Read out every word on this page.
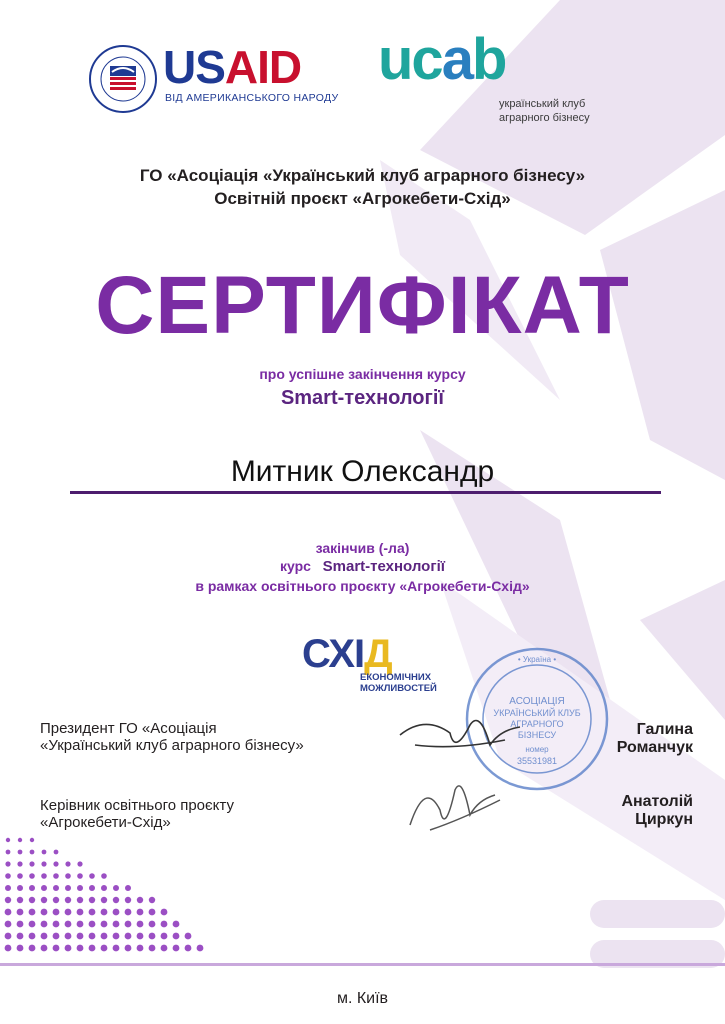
USAID
ВІД АМЕРИКАНСЬКОГО НАРОДУ
ucab
український клуб
аграрного бізнесу
ГО «Асоціація «Український клуб аграрного бізнесу»
Освітній проєкт «Агрокебети-Схід»
СЕРТИФІКАТ
про успішне закінчення курсу
Smart-технології
Митник Олександр
закінчив (-ла)
курс Smart-технології
в рамках освітнього проєкту «Агрокебети-Схід»
СХІД
ЕКОНОМІЧНИХ
МОЖЛИВОСТЕЙ
АСОЦІАЦІЯ
УКРАЇНСЬКИЙ КЛУБ
АГРАРНОГО
БІЗНЕСУ
номер
35531981
• Україна •
Президент ГО «Асоціація
«Український клуб аграрного бізнесу»
Керівник освітнього проєкту
«Агрокебети-Схід»
Галина
Романчук
Анатолій
Циркун
м. Київ
